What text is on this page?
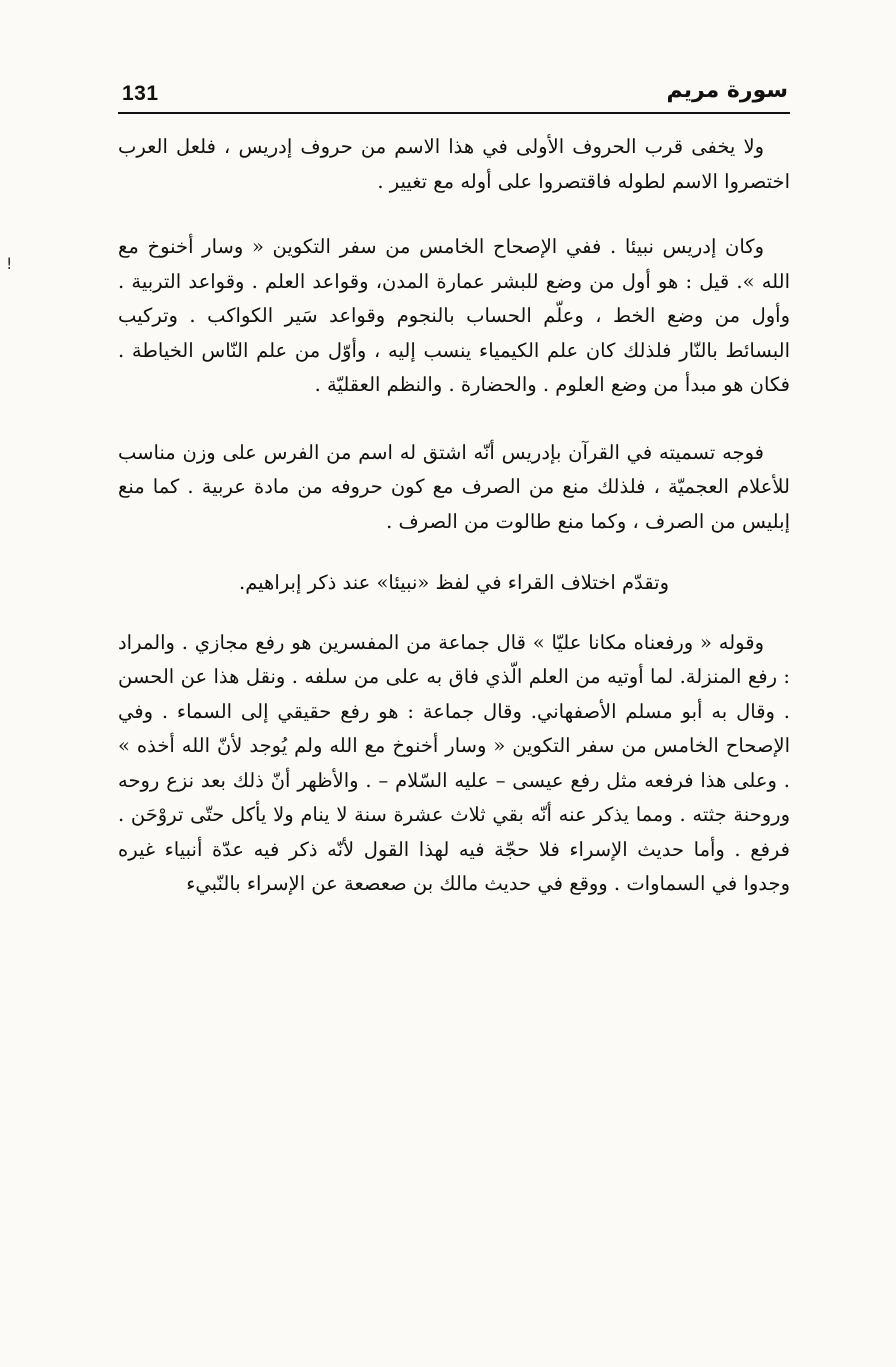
131	سورة مريم

ولا يخفى قرب الحروف الأولى في هذا الاسم من حروف إدريس ، فلعل العرب اختصروا الاسم لطوله فاقتصروا على أوله مع تغيير .

وكان إدريس نبيئا . ففي الإصحاح الخامس من سفر التكوين « وسار أخنوخ مع الله ». قيل : هو أول من وضع للبشر عمارة المدن، وقواعد العلم . وقواعد التربية . وأول من وضع الخط ، وعلّم الحساب بالنجوم وقواعد سَير الكواكب . وتركيب البسائط بالنّار فلذلك كان علم الكيمياء ينسب إليه ، وأوّل من علم النّاس الخياطة . فكان هو مبدأ من وضع العلوم . والحضارة . والنظم العقليّة .

فوجه تسميته في القرآن بإدريس أنّه اشتق له اسم من الفرس على وزن مناسب للأعلام العجميّة ، فلذلك منع من الصرف مع كون حروفه من مادة عربية . كما منع إبليس من الصرف ، وكما منع طالوت من الصرف .

وتقدّم اختلاف القراء في لفظ «نبيئا» عند ذكر إبراهيم.

وقوله « ورفعناه مكانا عليّا » قال جماعة من المفسرين هو رفع مجازي . والمراد : رفع المنزلة. لما أوتيه من العلم الّذي فاق به على من سلفه . ونقل هذا عن الحسن . وقال به أبو مسلم الأصفهاني. وقال جماعة : هو رفع حقيقي إلى السماء . وفي الإصحاح الخامس من سفر التكوين « وسار أخنوخ مع الله ولم يُوجد لأنّ الله أخذه » . وعلى هذا فرفعه مثل رفع عيسى – عليه السّلام – . والأظهر أنّ ذلك بعد نزع روحه وروحنة جثته . ومما يذكر عنه أنّه بقي ثلاث عشرة سنة لا ينام ولا يأكل حتّى تروْحَن . فرفع . وأما حديث الإسراء فلا حجّة فيه لهذا القول لأنّه ذكر فيه عدّة أنبياء غيره وجدوا في السماوات . ووقع في حديث مالك بن صعصعة عن الإسراء بالنّبيء

!
